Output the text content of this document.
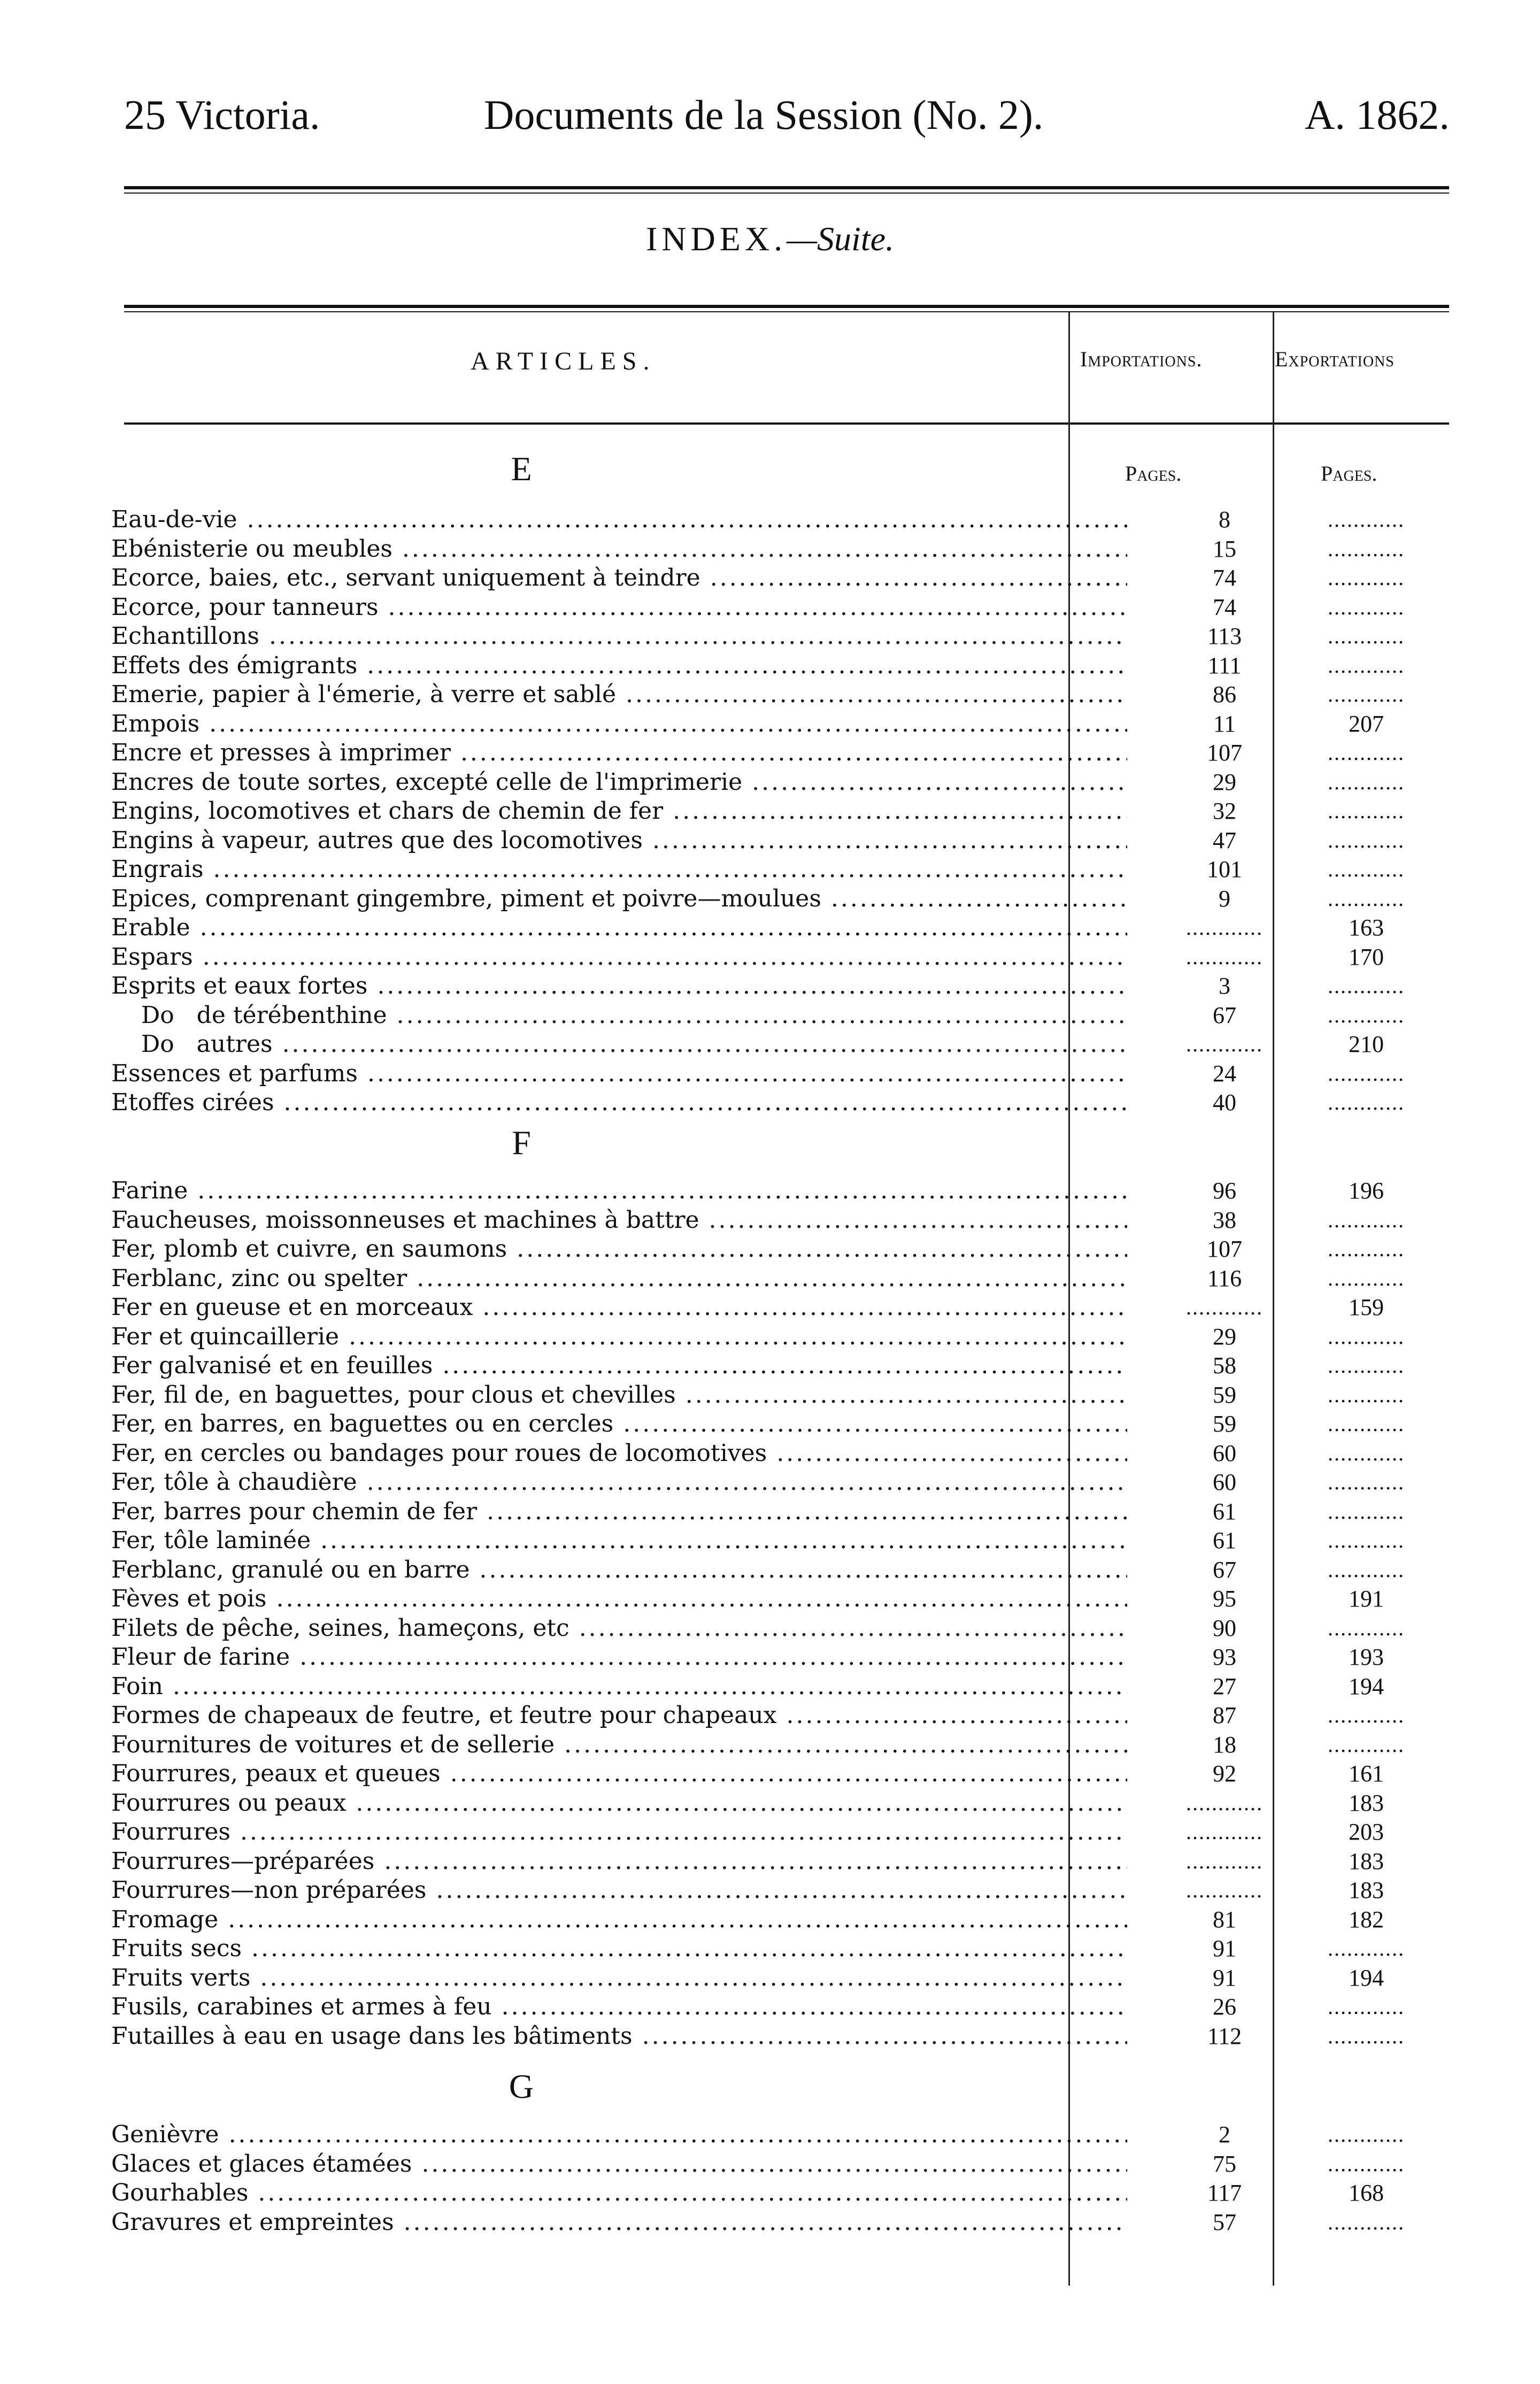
25 Victoria.	Documents de la Session (No. 2).	A. 1862.
INDEX.—Suite.
ARTICLES.	Importations.	Exportations
E	Pages.	Pages.
Eau-de-vie .....	8	............
Ebénisterie ou meubles .....	15	............
Ecorce, baies, etc., servant uniquement à teindre .....	74	............
Ecorce, pour tanneurs .....	74	............
Echantillons .....	113	............
Effets des émigrants .....	111	............
Emerie, papier à l'émerie, à verre et sablé .....	86	............
Empois .....	11	207
Encre et presses à imprimer .....	107	............
Encres de toute sortes, excepté celle de l'imprimerie .....	29	............
Engins, locomotives et chars de chemin de fer .....	32	............
Engins à vapeur, autres que des locomotives .....	47	............
Engrais .....	101	............
Epices, comprenant gingembre, piment et poivre—moulues .....	9	............
Erable .....	............	163
Espars .....	............	170
Esprits et eaux fortes .....	3	............
Do   de térébenthine .....	67	............
Do   autres .....	............	210
Essences et parfums .....	24	............
Etoffes cirées .....	40	............
F
Farine .....	96	196
Faucheuses, moissonneuses et machines à battre .....	38	............
Fer, plomb et cuivre, en saumons .....	107	............
Ferblanc, zinc ou spelter .....	116	............
Fer en gueuse et en morceaux .....	............	159
Fer et quincaillerie .....	29	............
Fer galvanisé et en feuilles .....	58	............
Fer, fil de, en baguettes, pour clous et chevilles .....	59	............
Fer, en barres, en baguettes ou en cercles .....	59	............
Fer, en cercles ou bandages pour roues de locomotives .....	60	............
Fer, tôle à chaudière .....	60	............
Fer, barres pour chemin de fer .....	61	............
Fer, tôle laminée .....	61	............
Ferblanc, granulé ou en barre .....	67	............
Fèves et pois .....	95	191
Filets de pêche, seines, hameçons, etc .....	90	............
Fleur de farine .....	93	193
Foin .....	27	194
Formes de chapeaux de feutre, et feutre pour chapeaux .....	87	............
Fournitures de voitures et de sellerie .....	18	............
Fourrures, peaux et queues .....	92	161
Fourrures ou peaux .....	............	183
Fourrures .....	............	203
Fourrures—préparées .....	............	183
Fourrures—non préparées .....	............	183
Fromage .....	81	182
Fruits secs .....	91	............
Fruits verts .....	91	194
Fusils, carabines et armes à feu .....	26	............
Futailles à eau en usage dans les bâtiments .....	112	............
G
Genièvre .....	2	............
Glaces et glaces étamées .....	75	............
Gourhables .....	117	168
Gravures et empreintes .....	57	............
